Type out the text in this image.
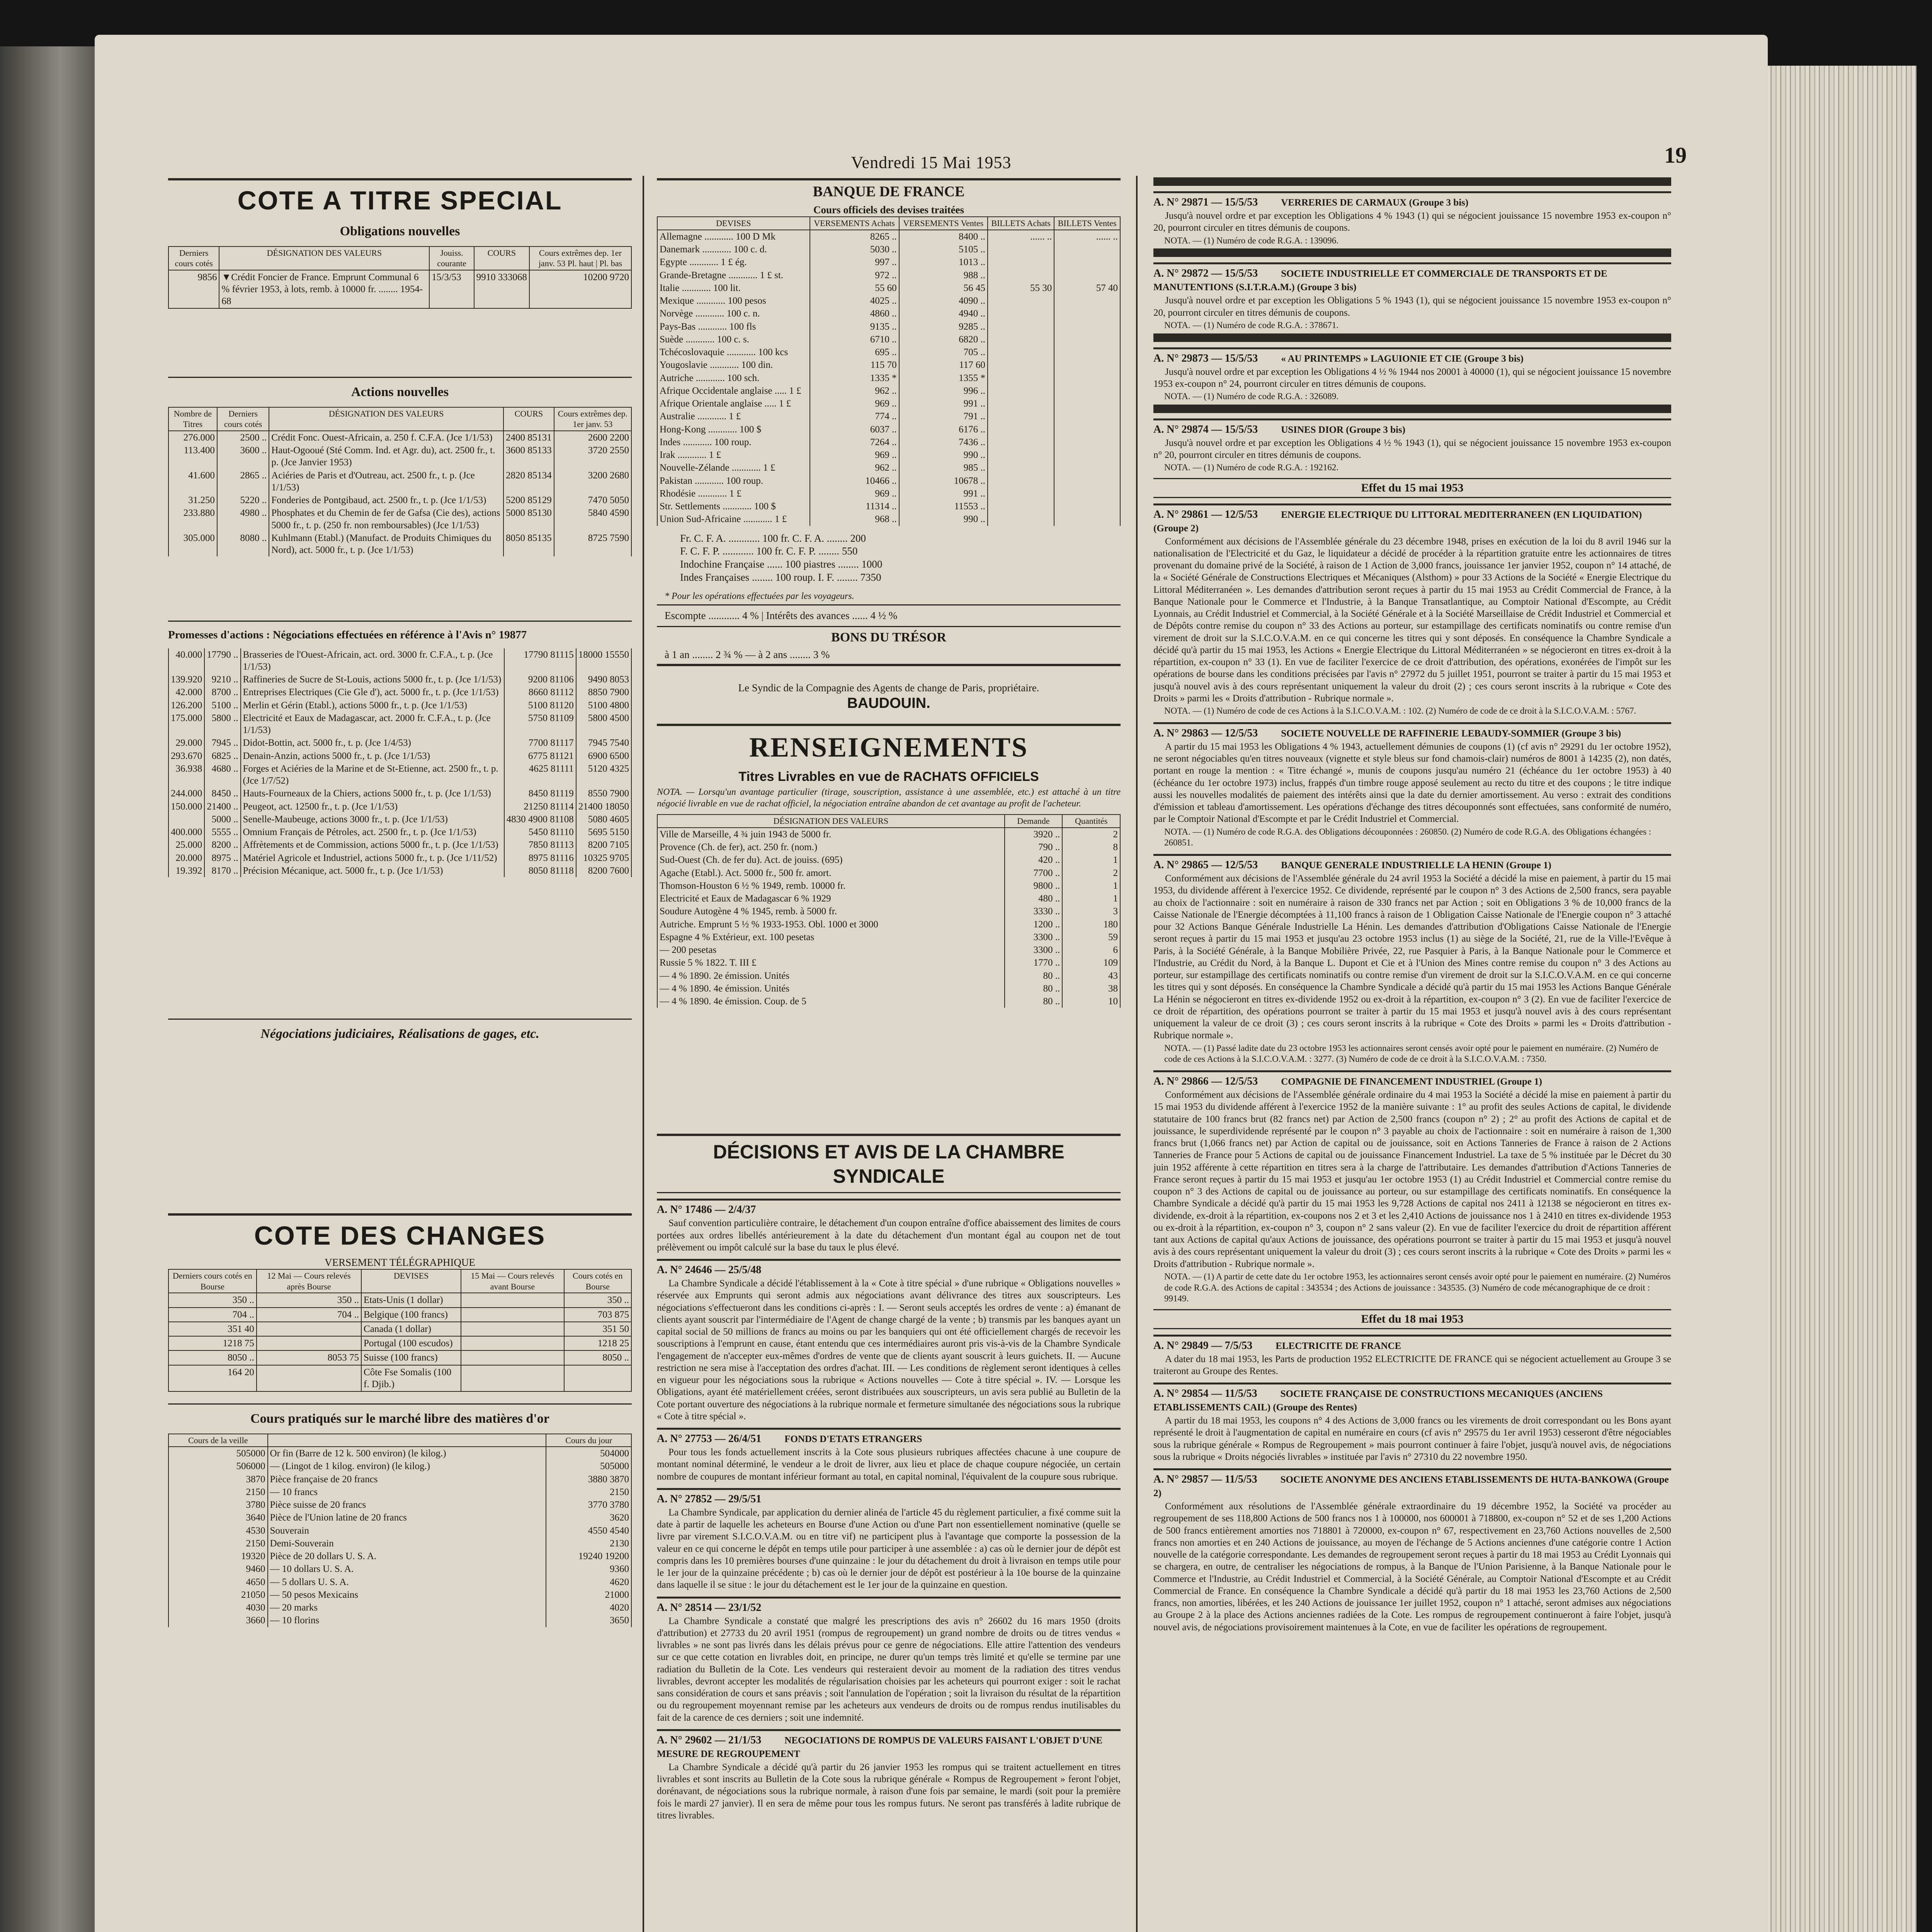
Vendredi 15 Mai 1953	19
COTE A TITRE SPECIAL
Obligations nouvelles
Derniers cours cotés	DÉSIGNATION DES VALEURS	Jouiss. courante	COURS	Cours extrêmes dep. 1er janv. 53 Pl. haut | Pl. bas
9856	▼Crédit Foncier de France. Emprunt Communal 6 % février 1953, à lots, remb. à 10000 fr. ........ 1954-68	15/3/53	9910 333068	10200 9720
Actions nouvelles
Nombre de Titres	Derniers cours cotés	DÉSIGNATION DES VALEURS	COURS	Cours extrêmes dep. 1er janv. 53
276.000	2500 ..	Crédit Fonc. Ouest-Africain, a. 250 f. C.F.A. (Jce 1/1/53)	2400 85131	2600 2200
113.400	3600 ..	Haut-Ogooué (Sté Comm. Ind. et Agr. du), act. 2500 fr., t. p. (Jce Janvier 1953)	3600 85133	3720 2550
41.600	2865 ..	Aciéries de Paris et d'Outreau, act. 2500 fr., t. p. (Jce 1/1/53)	2820 85134	3200 2680
31.250	5220 ..	Fonderies de Pontgibaud, act. 2500 fr., t. p. (Jce 1/1/53)	5200 85129	7470 5050
233.880	4980 ..	Phosphates et du Chemin de fer de Gafsa (Cie des), actions 5000 fr., t. p. (250 fr. non remboursables) (Jce 1/1/53)	5000 85130	5840 4590
305.000	8080 ..	Kuhlmann (Etabl.) (Manufact. de Produits Chimiques du Nord), act. 5000 fr., t. p. (Jce 1/1/53)	8050 85135	8725 7590
Promesses d'actions : Négociations effectuées en référence à l'Avis n° 19877
40.000	17790 ..	Brasseries de l'Ouest-Africain, act. ord. 3000 fr. C.F.A., t. p. (Jce 1/1/53)	17790 81115	18000 15550
139.920	9210 ..	Raffineries de Sucre de St-Louis, actions 5000 fr., t. p. (Jce 1/1/53)	9200 81106	9490 8053
42.000	8700 ..	Entreprises Electriques (Cie Gle d'), act. 5000 fr., t. p. (Jce 1/1/53)	8660 81112	8850 7900
126.200	5100 ..	Merlin et Gérin (Etabl.), actions 5000 fr., t. p. (Jce 1/1/53)	5100 81120	5100 4800
175.000	5800 ..	Electricité et Eaux de Madagascar, act. 2000 fr. C.F.A., t. p. (Jce 1/1/53)	5750 81109	5800 4500
29.000	7945 ..	Didot-Bottin, act. 5000 fr., t. p. (Jce 1/4/53)	7700 81117	7945 7540
293.670	6825 ..	Denain-Anzin, actions 5000 fr., t. p. (Jce 1/1/53)	6775 81121	6900 6500
36.938	4680 ..	Forges et Aciéries de la Marine et de St-Etienne, act. 2500 fr., t. p. (Jce 1/7/52)	4625 81111	5120 4325
244.000	8450 ..	Hauts-Fourneaux de la Chiers, actions 5000 fr., t. p. (Jce 1/1/53)	8450 81119	8550 7900
150.000	21400 ..	Peugeot, act. 12500 fr., t. p. (Jce 1/1/53)	21250 81114	21400 18050
	5000 ..	Senelle-Maubeuge, actions 3000 fr., t. p. (Jce 1/1/53)	4830 4900 81108	5080 4605
400.000	5555 ..	Omnium Français de Pétroles, act. 2500 fr., t. p. (Jce 1/1/53)	5450 81110	5695 5150
25.000	8200 ..	Affrètements et de Commission, actions 5000 fr., t. p. (Jce 1/1/53)	7850 81113	8200 7105
20.000	8975 ..	Matériel Agricole et Industriel, actions 5000 fr., t. p. (Jce 1/11/52)	8975 81116	10325 9705
19.392	8170 ..	Précision Mécanique, act. 5000 fr., t. p. (Jce 1/1/53)	8050 81118	8200 7600
Négociations judiciaires, Réalisations de gages, etc.
COTE DES CHANGES
VERSEMENT TÉLÉGRAPHIQUE
Derniers cours cotés en Bourse	12 Mai — Cours relevés après Bourse	DEVISES	15 Mai — Cours relevés avant Bourse	Cours cotés en Bourse
350 ..	350 ..	Etats-Unis (1 dollar)		350 ..
704 ..	704 ..	Belgique (100 francs)		703 875
351 40		Canada (1 dollar)		351 50
1218 75		Portugal (100 escudos)		1218 25
8050 ..	8053 75	Suisse (100 francs)		8050 ..
164 20		Côte Fse Somalis (100 f. Djib.)		
Cours pratiqués sur le marché libre des matières d'or
Cours de la veille		Cours du jour
505000	Or fin (Barre de 12 k. 500 environ) (le kilog.)	504000
506000	— (Lingot de 1 kilog. environ) (le kilog.)	505000
3870	Pièce française de 20 francs	3880 3870
2150	— 10 francs	2150
3780	Pièce suisse de 20 francs	3770 3780
3640	Pièce de l'Union latine de 20 francs	3620
4530	Souverain	4550 4540
2150	Demi-Souverain	2130
19320	Pièce de 20 dollars U. S. A.	19240 19200
9460	— 10 dollars U. S. A.	9360
4650	— 5 dollars U. S. A.	4620
21050	— 50 pesos Mexicains	21000
4030	— 20 marks	4020
3660	— 10 florins	3650
BANQUE DE FRANCE
Cours officiels des devises traitées
DEVISES	VERSEMENTS Achats	VERSEMENTS Ventes	BILLETS Achats	BILLETS Ventes
Allemagne ............ 100 D Mk	8265 ..	8400 ..	...... ..	...... ..
Danemark ............ 100 c. d.	5030 ..	5105 ..		
Egypte ............ 1 £ ég.	997 ..	1013 ..		
Grande-Bretagne ............ 1 £ st.	972 ..	988 ..		
Italie ............ 100 lit.	55 60	56 45	55 30	57 40
Mexique ............ 100 pesos	4025 ..	4090 ..		
Norvège ............ 100 c. n.	4860 ..	4940 ..		
Pays-Bas ............ 100 fls	9135 ..	9285 ..		
Suède ............ 100 c. s.	6710 ..	6820 ..		
Tchécoslovaquie ............ 100 kcs	695 ..	705 ..		
Yougoslavie ............ 100 din.	115 70	117 60		
Autriche ............ 100 sch.	1335 *	1355 *		
Afrique Occidentale anglaise ..... 1 £	962 ..	996 ..		
Afrique Orientale anglaise ..... 1 £	969 ..	991 ..		
Australie ............ 1 £	774 ..	791 ..		
Hong-Kong ............ 100 $	6037 ..	6176 ..		
Indes ............ 100 roup.	7264 ..	7436 ..		
Irak ............ 1 £	969 ..	990 ..		
Nouvelle-Zélande ............ 1 £	962 ..	985 ..		
Pakistan ............ 100 roup.	10466 ..	10678 ..		
Rhodésie ............ 1 £	969 ..	991 ..		
Str. Settlements ............ 100 $	11314 ..	11553 ..		
Union Sud-Africaine ............ 1 £	968 ..	990 ..		
Fr. C. F. A. ............ 100 fr. C. F. A. ........ 200
F. C. F. P. ............ 100 fr. C. F. P. ........ 550
Indochine Française ...... 100 piastres ........ 1000
Indes Françaises ........ 100 roup. I. F. ........ 7350
* Pour les opérations effectuées par les voyageurs.
Escompte ............ 4 % | Intérêts des avances ...... 4 ½ %
BONS DU TRÉSOR
à 1 an ........ 2 ¾ % — à 2 ans ........ 3 %
Le Syndic de la Compagnie des Agents de change de Paris, propriétaire.
BAUDOUIN.
RENSEIGNEMENTS
Titres Livrables en vue de RACHATS OFFICIELS
NOTA. — Lorsqu'un avantage particulier (tirage, souscription, assistance à une assemblée, etc.) est attaché à un titre négocié livrable en vue de rachat officiel, la négociation entraîne abandon de cet avantage au profit de l'acheteur.
DÉSIGNATION DES VALEURS	Demande	Quantités
Ville de Marseille, 4 ¾ juin 1943 de 5000 fr.	3920 ..	2
Provence (Ch. de fer), act. 250 fr. (nom.)	790 ..	8
Sud-Ouest (Ch. de fer du). Act. de jouiss. (695)	420 ..	1
Agache (Etabl.). Act. 5000 fr., 500 fr. amort.	7700 ..	2
Thomson-Houston 6 ½ % 1949, remb. 10000 fr.	9800 ..	1
Electricité et Eaux de Madagascar 6 % 1929	480 ..	1
Soudure Autogène 4 % 1945, remb. à 5000 fr.	3330 ..	3
Autriche. Emprunt 5 ½ % 1933-1953. Obl. 1000 et 3000	1200 ..	180
Espagne 4 % Extérieur, ext. 100 pesetas	3300 ..	59
— 200 pesetas	3300 ..	6
Russie 5 % 1822. T. III £	1770 ..	109
— 4 % 1890. 2e émission. Unités	80 ..	43
— 4 % 1890. 4e émission. Unités	80 ..	38
— 4 % 1890. 4e émission. Coup. de 5	80 ..	10
DÉCISIONS ET AVIS DE LA CHAMBRE SYNDICALE
A. N° 17486 — 2/4/37
Sauf convention particulière contraire, le détachement d'un coupon entraîne d'office abaissement des limites de cours portées aux ordres libellés antérieurement à la date du détachement d'un montant égal au coupon net de tout prélèvement ou impôt calculé sur la base du taux le plus élevé.
A. N° 24646 — 25/5/48
La Chambre Syndicale a décidé l'établissement à la « Cote à titre spécial » d'une rubrique « Obligations nouvelles » réservée aux Emprunts qui seront admis aux négociations avant délivrance des titres aux souscripteurs. Les négociations s'effectueront dans les conditions ci-après : I. — Seront seuls acceptés les ordres de vente : a) émanant de clients ayant souscrit par l'intermédiaire de l'Agent de change chargé de la vente ; b) transmis par les banques ayant un capital social de 50 millions de francs au moins ou par les banquiers qui ont été officiellement chargés de recevoir les souscriptions à l'emprunt en cause, étant entendu que ces intermédiaires auront pris vis-à-vis de la Chambre Syndicale l'engagement de n'accepter eux-mêmes d'ordres de vente que de clients ayant souscrit à leurs guichets. II. — Aucune restriction ne sera mise à l'acceptation des ordres d'achat. III. — Les conditions de règlement seront identiques à celles en vigueur pour les négociations sous la rubrique « Actions nouvelles — Cote à titre spécial ». IV. — Lorsque les Obligations, ayant été matériellement créées, seront distribuées aux souscripteurs, un avis sera publié au Bulletin de la Cote portant ouverture des négociations à la rubrique normale et fermeture simultanée des négociations sous la rubrique « Cote à titre spécial ».
A. N° 27753 — 26/4/51 FONDS D'ETATS ETRANGERS
Pour tous les fonds actuellement inscrits à la Cote sous plusieurs rubriques affectées chacune à une coupure de montant nominal déterminé, le vendeur a le droit de livrer, aux lieu et place de chaque coupure négociée, un certain nombre de coupures de montant inférieur formant au total, en capital nominal, l'équivalent de la coupure sous rubrique.
A. N° 27852 — 29/5/51
La Chambre Syndicale, par application du dernier alinéa de l'article 45 du règlement particulier, a fixé comme suit la date à partir de laquelle les acheteurs en Bourse d'une Action ou d'une Part non essentiellement nominative (quelle se livre par virement S.I.C.O.V.A.M. ou en titre vif) ne participent plus à l'avantage que comporte la possession de la valeur en ce qui concerne le dépôt en temps utile pour participer à une assemblée : a) cas où le dernier jour de dépôt est compris dans les 10 premières bourses d'une quinzaine : le jour du détachement du droit à livraison en temps utile pour le 1er jour de la quinzaine précédente ; b) cas où le dernier jour de dépôt est postérieur à la 10e bourse de la quinzaine dans laquelle il se situe : le jour du détachement est le 1er jour de la quinzaine en question.
A. N° 28514 — 23/1/52
La Chambre Syndicale a constaté que malgré les prescriptions des avis n° 26602 du 16 mars 1950 (droits d'attribution) et 27733 du 20 avril 1951 (rompus de regroupement) un grand nombre de droits ou de titres vendus « livrables » ne sont pas livrés dans les délais prévus pour ce genre de négociations. Elle attire l'attention des vendeurs sur ce que cette cotation en livrables doit, en principe, ne durer qu'un temps très limité et qu'elle se termine par une radiation du Bulletin de la Cote. Les vendeurs qui resteraient devoir au moment de la radiation des titres vendus livrables, devront accepter les modalités de régularisation choisies par les acheteurs qui pourront exiger : soit le rachat sans considération de cours et sans préavis ; soit l'annulation de l'opération ; soit la livraison du résultat de la répartition ou du regroupement moyennant remise par les acheteurs aux vendeurs de droits ou de rompus rendus inutilisables du fait de la carence de ces derniers ; soit une indemnité.
A. N° 29602 — 21/1/53 NEGOCIATIONS DE ROMPUS DE VALEURS FAISANT L'OBJET D'UNE MESURE DE REGROUPEMENT
La Chambre Syndicale a décidé qu'à partir du 26 janvier 1953 les rompus qui se traitent actuellement en titres livrables et sont inscrits au Bulletin de la Cote sous la rubrique générale « Rompus de Regroupement » feront l'objet, dorénavant, de négociations sous la rubrique normale, à raison d'une fois par semaine, le mardi (soit pour la première fois le mardi 27 janvier). Il en sera de même pour tous les rompus futurs. Ne seront pas transférés à ladite rubrique de titres livrables.
A. N° 29871 — 15/5/53 VERRERIES DE CARMAUX (Groupe 3 bis)
Jusqu'à nouvel ordre et par exception les Obligations 4 % 1943 (1) qui se négocient jouissance 15 novembre 1953 ex-coupon n° 20, pourront circuler en titres démunis de coupons.
NOTA. — (1) Numéro de code R.G.A. : 139096.
A. N° 29872 — 15/5/53 SOCIETE INDUSTRIELLE ET COMMERCIALE DE TRANSPORTS ET DE MANUTENTIONS (S.I.T.R.A.M.) (Groupe 3 bis)
Jusqu'à nouvel ordre et par exception les Obligations 5 % 1943 (1), qui se négocient jouissance 15 novembre 1953 ex-coupon n° 20, pourront circuler en titres démunis de coupons.
NOTA. — (1) Numéro de code R.G.A. : 378671.
A. N° 29873 — 15/5/53 « AU PRINTEMPS » LAGUIONIE ET CIE (Groupe 3 bis)
Jusqu'à nouvel ordre et par exception les Obligations 4 ½ % 1944 nos 20001 à 40000 (1), qui se négocient jouissance 15 novembre 1953 ex-coupon n° 24, pourront circuler en titres démunis de coupons.
NOTA. — (1) Numéro de code R.G.A. : 326089.
A. N° 29874 — 15/5/53 USINES DIOR (Groupe 3 bis)
Jusqu'à nouvel ordre et par exception les Obligations 4 ½ % 1943 (1), qui se négocient jouissance 15 novembre 1953 ex-coupon n° 20, pourront circuler en titres démunis de coupons.
NOTA. — (1) Numéro de code R.G.A. : 192162.
Effet du 15 mai 1953
A. N° 29861 — 12/5/53 ENERGIE ELECTRIQUE DU LITTORAL MEDITERRANEEN (EN LIQUIDATION) (Groupe 2)
Conformément aux décisions de l'Assemblée générale du 23 décembre 1948, prises en exécution de la loi du 8 avril 1946 sur la nationalisation de l'Electricité et du Gaz, le liquidateur a décidé de procéder à la répartition gratuite entre les actionnaires de titres provenant du domaine privé de la Société, à raison de 1 Action de 3,000 francs, jouissance 1er janvier 1952, coupon n° 14 attaché, de la « Société Générale de Constructions Electriques et Mécaniques (Alsthom) » pour 33 Actions de la Société « Energie Electrique du Littoral Méditerranéen ». Les demandes d'attribution seront reçues à partir du 15 mai 1953 au Crédit Commercial de France, à la Banque Nationale pour le Commerce et l'Industrie, à la Banque Transatlantique, au Comptoir National d'Escompte, au Crédit Lyonnais, au Crédit Industriel et Commercial, à la Société Générale et à la Société Marseillaise de Crédit Industriel et Commercial et de Dépôts contre remise du coupon n° 33 des Actions au porteur, sur estampillage des certificats nominatifs ou contre remise d'un virement de droit sur la S.I.C.O.V.A.M. en ce qui concerne les titres qui y sont déposés. En conséquence la Chambre Syndicale a décidé qu'à partir du 15 mai 1953, les Actions « Energie Electrique du Littoral Méditerranéen » se négocieront en titres ex-droit à la répartition, ex-coupon n° 33 (1). En vue de faciliter l'exercice de ce droit d'attribution, des opérations, exonérées de l'impôt sur les opérations de bourse dans les conditions précisées par l'avis n° 27972 du 5 juillet 1951, pourront se traiter à partir du 15 mai 1953 et jusqu'à nouvel avis à des cours représentant uniquement la valeur du droit (2) ; ces cours seront inscrits à la rubrique « Cote des Droits » parmi les « Droits d'attribution - Rubrique normale ».
NOTA. — (1) Numéro de code de ces Actions à la S.I.C.O.V.A.M. : 102. (2) Numéro de code de ce droit à la S.I.C.O.V.A.M. : 5767.
A. N° 29863 — 12/5/53 SOCIETE NOUVELLE DE RAFFINERIE LEBAUDY-SOMMIER (Groupe 3 bis)
A partir du 15 mai 1953 les Obligations 4 % 1943, actuellement démunies de coupons (1) (cf avis n° 29291 du 1er octobre 1952), ne seront négociables qu'en titres nouveaux (vignette et style bleus sur fond chamois-clair) numéros de 8001 à 14235 (2), non datés, portant en rouge la mention : « Titre échangé », munis de coupons jusqu'au numéro 21 (échéance du 1er octobre 1953) à 40 (échéance du 1er octobre 1973) inclus, frappés d'un timbre rouge apposé seulement au recto du titre et des coupons ; le titre indique aussi les nouvelles modalités de paiement des intérêts ainsi que la date du dernier amortissement. Au verso : extrait des conditions d'émission et tableau d'amortissement. Les opérations d'échange des titres découponnés sont effectuées, sans conformité de numéro, par le Comptoir National d'Escompte et par le Crédit Industriel et Commercial.
NOTA. — (1) Numéro de code R.G.A. des Obligations découponnées : 260850. (2) Numéro de code R.G.A. des Obligations échangées : 260851.
A. N° 29865 — 12/5/53 BANQUE GENERALE INDUSTRIELLE LA HENIN (Groupe 1)
Conformément aux décisions de l'Assemblée générale du 24 avril 1953 la Société a décidé la mise en paiement, à partir du 15 mai 1953, du dividende afférent à l'exercice 1952. Ce dividende, représenté par le coupon n° 3 des Actions de 2,500 francs, sera payable au choix de l'actionnaire : soit en numéraire à raison de 330 francs net par Action ; soit en Obligations 3 % de 10,000 francs de la Caisse Nationale de l'Energie décomptées à 11,100 francs à raison de 1 Obligation Caisse Nationale de l'Energie coupon n° 3 attaché pour 32 Actions Banque Générale Industrielle La Hénin. Les demandes d'attribution d'Obligations Caisse Nationale de l'Energie seront reçues à partir du 15 mai 1953 et jusqu'au 23 octobre 1953 inclus (1) au siège de la Société, 21, rue de la Ville-l'Evêque à Paris, à la Société Générale, à la Banque Mobilière Privée, 22, rue Pasquier à Paris, à la Banque Nationale pour le Commerce et l'Industrie, au Crédit du Nord, à la Banque L. Dupont et Cie et à l'Union des Mines contre remise du coupon n° 3 des Actions au porteur, sur estampillage des certificats nominatifs ou contre remise d'un virement de droit sur la S.I.C.O.V.A.M. en ce qui concerne les titres qui y sont déposés. En conséquence la Chambre Syndicale a décidé qu'à partir du 15 mai 1953 les Actions Banque Générale La Hénin se négocieront en titres ex-dividende 1952 ou ex-droit à la répartition, ex-coupon n° 3 (2). En vue de faciliter l'exercice de ce droit de répartition, des opérations pourront se traiter à partir du 15 mai 1953 et jusqu'à nouvel avis à des cours représentant uniquement la valeur de ce droit (3) ; ces cours seront inscrits à la rubrique « Cote des Droits » parmi les « Droits d'attribution - Rubrique normale ».
NOTA. — (1) Passé ladite date du 23 octobre 1953 les actionnaires seront censés avoir opté pour le paiement en numéraire. (2) Numéro de code de ces Actions à la S.I.C.O.V.A.M. : 3277. (3) Numéro de code de ce droit à la S.I.C.O.V.A.M. : 7350.
A. N° 29866 — 12/5/53 COMPAGNIE DE FINANCEMENT INDUSTRIEL (Groupe 1)
Conformément aux décisions de l'Assemblée générale ordinaire du 4 mai 1953 la Société a décidé la mise en paiement à partir du 15 mai 1953 du dividende afférent à l'exercice 1952 de la manière suivante : 1° au profit des seules Actions de capital, le dividende statutaire de 100 francs brut (82 francs net) par Action de 2,500 francs (coupon n° 2) ; 2° au profit des Actions de capital et de jouissance, le superdividende représenté par le coupon n° 3 payable au choix de l'actionnaire : soit en numéraire à raison de 1,300 francs brut (1,066 francs net) par Action de capital ou de jouissance, soit en Actions Tanneries de France à raison de 2 Actions Tanneries de France pour 5 Actions de capital ou de jouissance Financement Industriel. La taxe de 5 % instituée par le Décret du 30 juin 1952 afférente à cette répartition en titres sera à la charge de l'attributaire. Les demandes d'attribution d'Actions Tanneries de France seront reçues à partir du 15 mai 1953 et jusqu'au 1er octobre 1953 (1) au Crédit Industriel et Commercial contre remise du coupon n° 3 des Actions de capital ou de jouissance au porteur, ou sur estampillage des certificats nominatifs. En conséquence la Chambre Syndicale a décidé qu'à partir du 15 mai 1953 les 9,728 Actions de capital nos 2411 à 12138 se négocieront en titres ex-dividende, ex-droit à la répartition, ex-coupons nos 2 et 3 et les 2,410 Actions de jouissance nos 1 à 2410 en titres ex-dividende 1953 ou ex-droit à la répartition, ex-coupon n° 3, coupon n° 2 sans valeur (2). En vue de faciliter l'exercice du droit de répartition afférent tant aux Actions de capital qu'aux Actions de jouissance, des opérations pourront se traiter à partir du 15 mai 1953 et jusqu'à nouvel avis à des cours représentant uniquement la valeur du droit (3) ; ces cours seront inscrits à la rubrique « Cote des Droits » parmi les « Droits d'attribution - Rubrique normale ».
NOTA. — (1) A partir de cette date du 1er octobre 1953, les actionnaires seront censés avoir opté pour le paiement en numéraire. (2) Numéros de code R.G.A. des Actions de capital : 343534 ; des Actions de jouissance : 343535. (3) Numéro de code mécanographique de ce droit : 99149.
Effet du 18 mai 1953
A. N° 29849 — 7/5/53 ELECTRICITE DE FRANCE
A dater du 18 mai 1953, les Parts de production 1952 ELECTRICITE DE FRANCE qui se négocient actuellement au Groupe 3 se traiteront au Groupe des Rentes.
A. N° 29854 — 11/5/53 SOCIETE FRANÇAISE DE CONSTRUCTIONS MECANIQUES (ANCIENS ETABLISSEMENTS CAIL) (Groupe des Rentes)
A partir du 18 mai 1953, les coupons n° 4 des Actions de 3,000 francs ou les virements de droit correspondant ou les Bons ayant représenté le droit à l'augmentation de capital en numéraire en cours (cf avis n° 29575 du 1er avril 1953) cesseront d'être négociables sous la rubrique générale « Rompus de Regroupement » mais pourront continuer à faire l'objet, jusqu'à nouvel avis, de négociations sous la rubrique « Droits négociés livrables » instituée par l'avis n° 27310 du 22 novembre 1950.
A. N° 29857 — 11/5/53 SOCIETE ANONYME DES ANCIENS ETABLISSEMENTS DE HUTA-BANKOWA (Groupe 2)
Conformément aux résolutions de l'Assemblée générale extraordinaire du 19 décembre 1952, la Société va procéder au regroupement de ses 118,800 Actions de 500 francs nos 1 à 100000, nos 600001 à 718800, ex-coupon n° 52 et de ses 1,200 Actions de 500 francs entièrement amorties nos 718801 à 720000, ex-coupon n° 67, respectivement en 23,760 Actions nouvelles de 2,500 francs non amorties et en 240 Actions de jouissance, au moyen de l'échange de 5 Actions anciennes d'une catégorie contre 1 Action nouvelle de la catégorie correspondante. Les demandes de regroupement seront reçues à partir du 18 mai 1953 au Crédit Lyonnais qui se chargera, en outre, de centraliser les négociations de rompus, à la Banque de l'Union Parisienne, à la Banque Nationale pour le Commerce et l'Industrie, au Crédit Industriel et Commercial, à la Société Générale, au Comptoir National d'Escompte et au Crédit Commercial de France. En conséquence la Chambre Syndicale a décidé qu'à partir du 18 mai 1953 les 23,760 Actions de 2,500 francs, non amorties, libérées, et les 240 Actions de jouissance 1er juillet 1952, coupon n° 1 attaché, seront admises aux négociations au Groupe 2 à la place des Actions anciennes radiées de la Cote. Les rompus de regroupement continueront à faire l'objet, jusqu'à nouvel avis, de négociations provisoirement maintenues à la Cote, en vue de faciliter les opérations de regroupement.
